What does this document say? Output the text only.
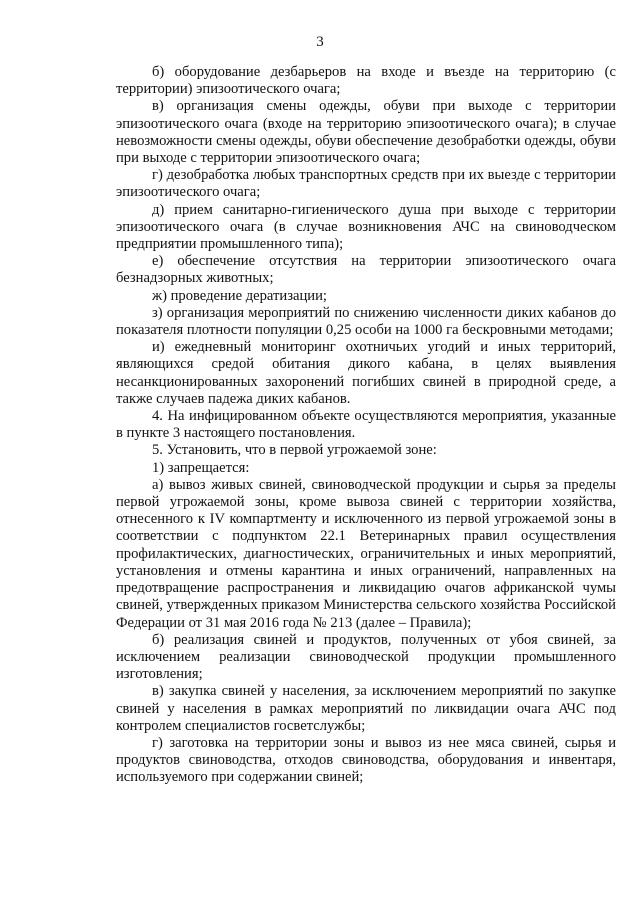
3

б) оборудование дезбарьеров на входе и въезде на территорию (с территории) эпизоотического очага;

в) организация смены одежды, обуви при выходе с территории эпизоотического очага (входе на территорию эпизоотического очага); в случае невозможности смены одежды, обуви обеспечение дезобработки одежды, обуви при выходе с территории эпизоотического очага;

г) дезобработка любых транспортных средств при их выезде с территории эпизоотического очага;

д) прием санитарно-гигиенического душа при выходе с территории эпизоотического очага (в случае возникновения АЧС на свиноводческом предприятии промышленного типа);

е) обеспечение отсутствия на территории эпизоотического очага безнадзорных животных;

ж) проведение дератизации;

з) организация мероприятий по снижению численности диких кабанов до показателя плотности популяции 0,25 особи на 1000 га бескровными методами;

и) ежедневный мониторинг охотничьих угодий и иных территорий, являющихся средой обитания дикого кабана, в целях выявления несанкционированных захоронений погибших свиней в природной среде, а также случаев падежа диких кабанов.

4. На инфицированном объекте осуществляются мероприятия, указанные в пункте 3 настоящего постановления.

5. Установить, что в первой угрожаемой зоне:

1) запрещается:

а) вывоз живых свиней, свиноводческой продукции и сырья за пределы первой угрожаемой зоны, кроме вывоза свиней с территории хозяйства, отнесенного к IV компартменту и исключенного из первой угрожаемой зоны в соответствии с подпунктом 22.1 Ветеринарных правил осуществления профилактических, диагностических, ограничительных и иных мероприятий, установления и отмены карантина и иных ограничений, направленных на предотвращение распространения и ликвидацию очагов африканской чумы свиней, утвержденных приказом Министерства сельского хозяйства Российской Федерации от 31 мая 2016 года № 213 (далее – Правила);

б) реализация свиней и продуктов, полученных от убоя свиней, за исключением реализации свиноводческой продукции промышленного изготовления;

в) закупка свиней у населения, за исключением мероприятий по закупке свиней у населения в рамках мероприятий по ликвидации очага АЧС под контролем специалистов госветслужбы;

г) заготовка на территории зоны и вывоз из нее мяса свиней, сырья и продуктов свиноводства, отходов свиноводства, оборудования и инвентаря, используемого при содержании свиней;
